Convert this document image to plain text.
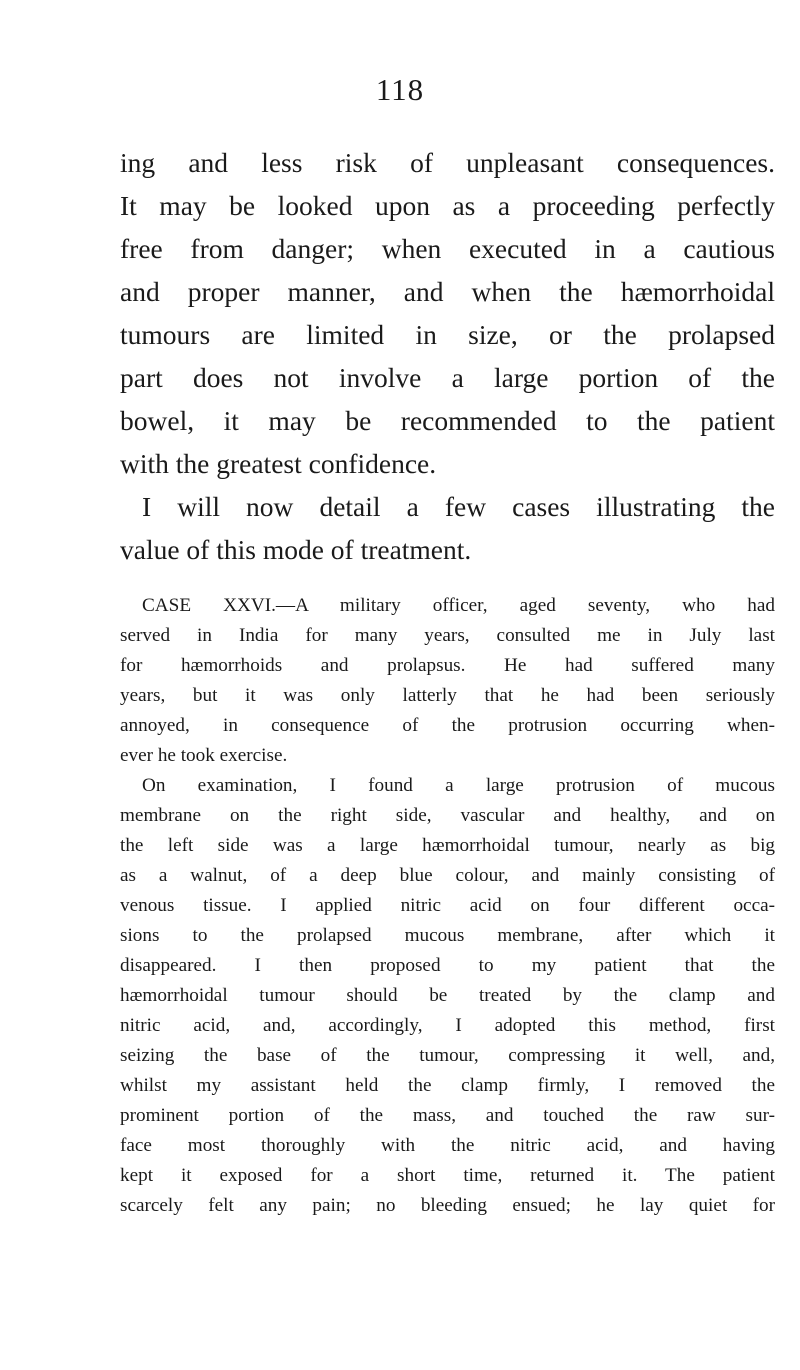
118
ing and less risk of unpleasant consequences.
It may be looked upon as a proceeding perfectly
free from danger; when executed in a cautious
and proper manner, and when the hæmorrhoidal
tumours are limited in size, or the prolapsed
part does not involve a large portion of the
bowel, it may be recommended to the patient
with the greatest confidence.
I will now detail a few cases illustrating the
value of this mode of treatment.
CASE XXVI.—A military officer, aged seventy, who had
served in India for many years, consulted me in July last
for hæmorrhoids and prolapsus. He had suffered many
years, but it was only latterly that he had been seriously
annoyed, in consequence of the protrusion occurring when-
ever he took exercise.
On examination, I found a large protrusion of mucous
membrane on the right side, vascular and healthy, and on
the left side was a large hæmorrhoidal tumour, nearly as big
as a walnut, of a deep blue colour, and mainly consisting of
venous tissue. I applied nitric acid on four different occa-
sions to the prolapsed mucous membrane, after which it
disappeared. I then proposed to my patient that the
hæmorrhoidal tumour should be treated by the clamp and
nitric acid, and, accordingly, I adopted this method, first
seizing the base of the tumour, compressing it well, and,
whilst my assistant held the clamp firmly, I removed the
prominent portion of the mass, and touched the raw sur-
face most thoroughly with the nitric acid, and having
kept it exposed for a short time, returned it. The patient
scarcely felt any pain; no bleeding ensued; he lay quiet for
